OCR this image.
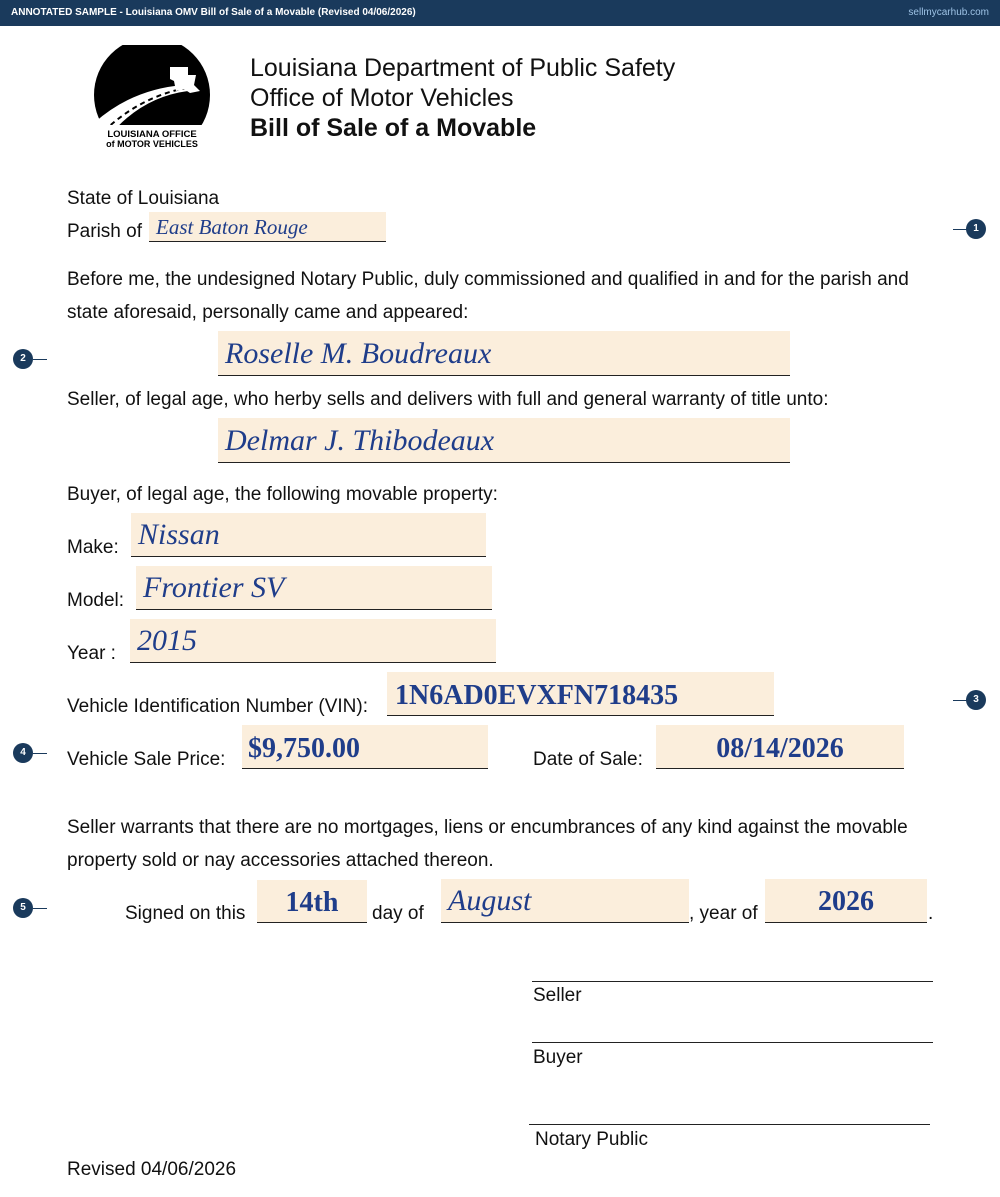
ANNOTATED SAMPLE - Louisiana OMV Bill of Sale of a Movable (Revised 04/06/2026)	sellmycarhub.com
LOUISIANA OFFICE
of MOTOR VEHICLES
Louisiana Department of Public Safety
Office of Motor Vehicles
Bill of Sale of a Movable
State of Louisiana
Parish of East Baton Rouge
Before me, the undesigned Notary Public, duly commissioned and qualified in and for the parish and
state aforesaid, personally came and appeared:
Roselle M. Boudreaux
Seller, of legal age, who herby sells and delivers with full and general warranty of title unto:
Delmar J. Thibodeaux
Buyer, of legal age, the following movable property:
Make: Nissan
Model: Frontier SV
Year : 2015
Vehicle Identification Number (VIN): 1N6AD0EVXFN718435
Vehicle Sale Price: $9,750.00	Date of Sale:	08/14/2026
Seller warrants that there are no mortgages, liens or encumbrances of any kind against the movable
property sold or nay accessories attached thereon.
Signed on this	14th	day of August	, year of	2026	.
Seller
Buyer
Notary Public
Revised 04/06/2026
1
2
3
4
5
